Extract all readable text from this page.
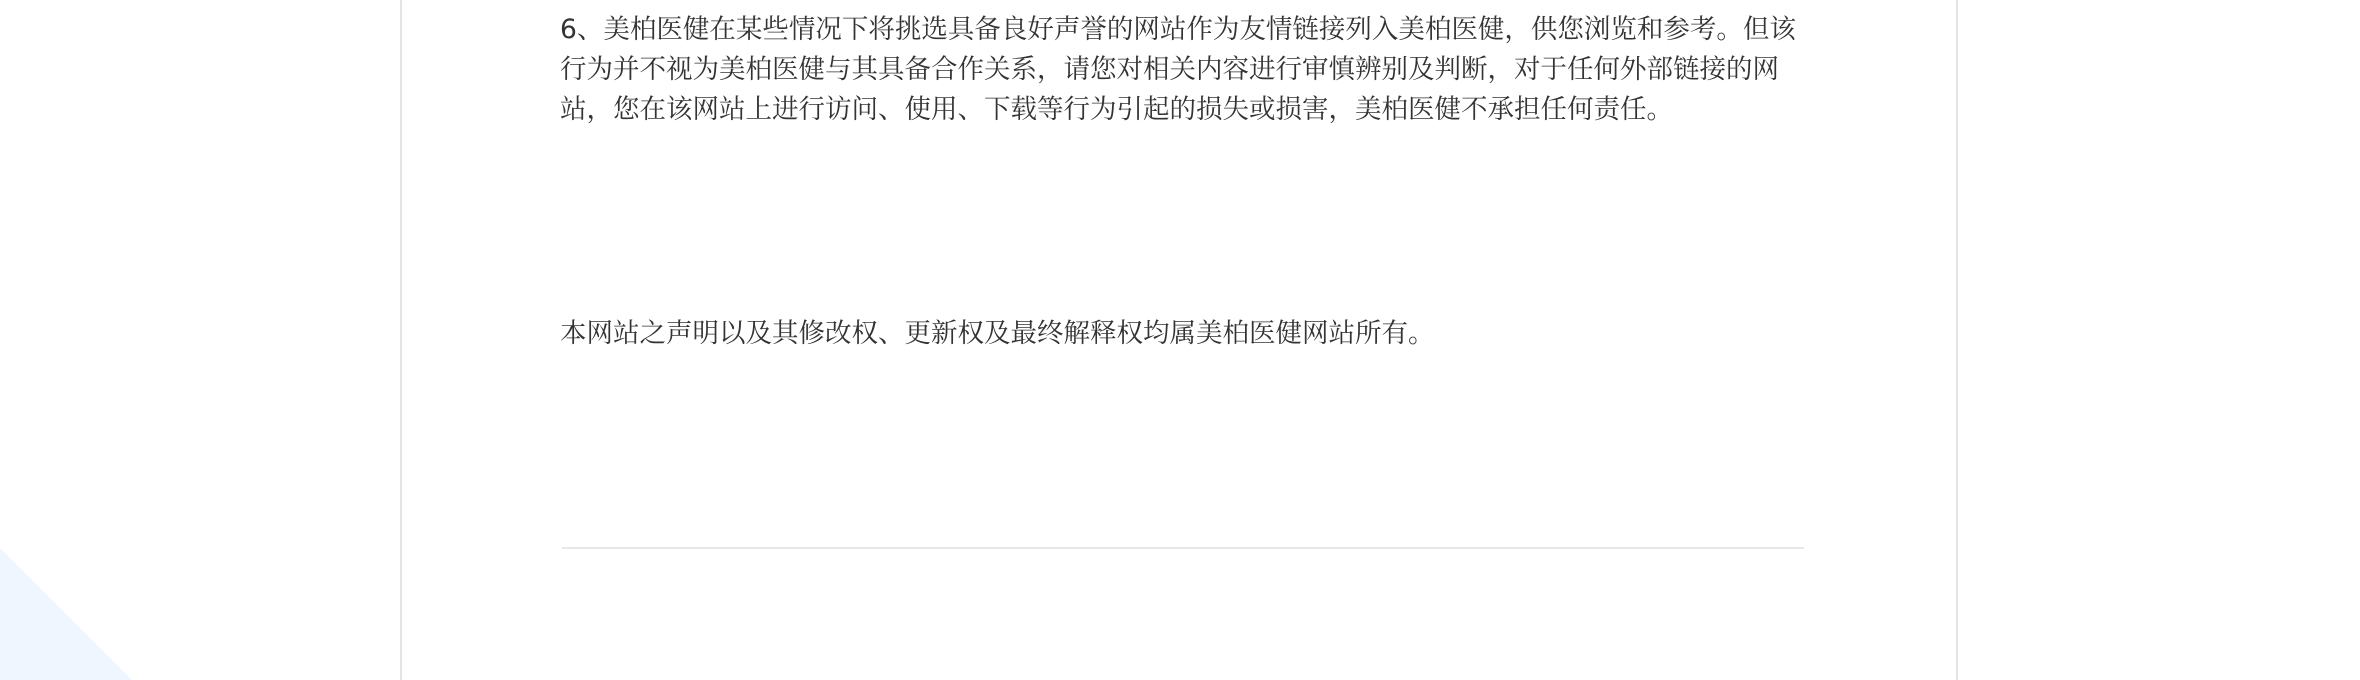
6、美柏医健在某些情况下将挑选具备良好声誉的网站作为友情链接列入美柏医健，供您浏览和参考。但该行为并不视为美柏医健与其具备合作关系，请您对相关内容进行审慎辨别及判断，对于任何外部链接的网站，您在该网站上进行访问、使用、下载等行为引起的损失或损害，美柏医健不承担任何责任。

本网站之声明以及其修改权、更新权及最终解释权均属美柏医健网站所有。
